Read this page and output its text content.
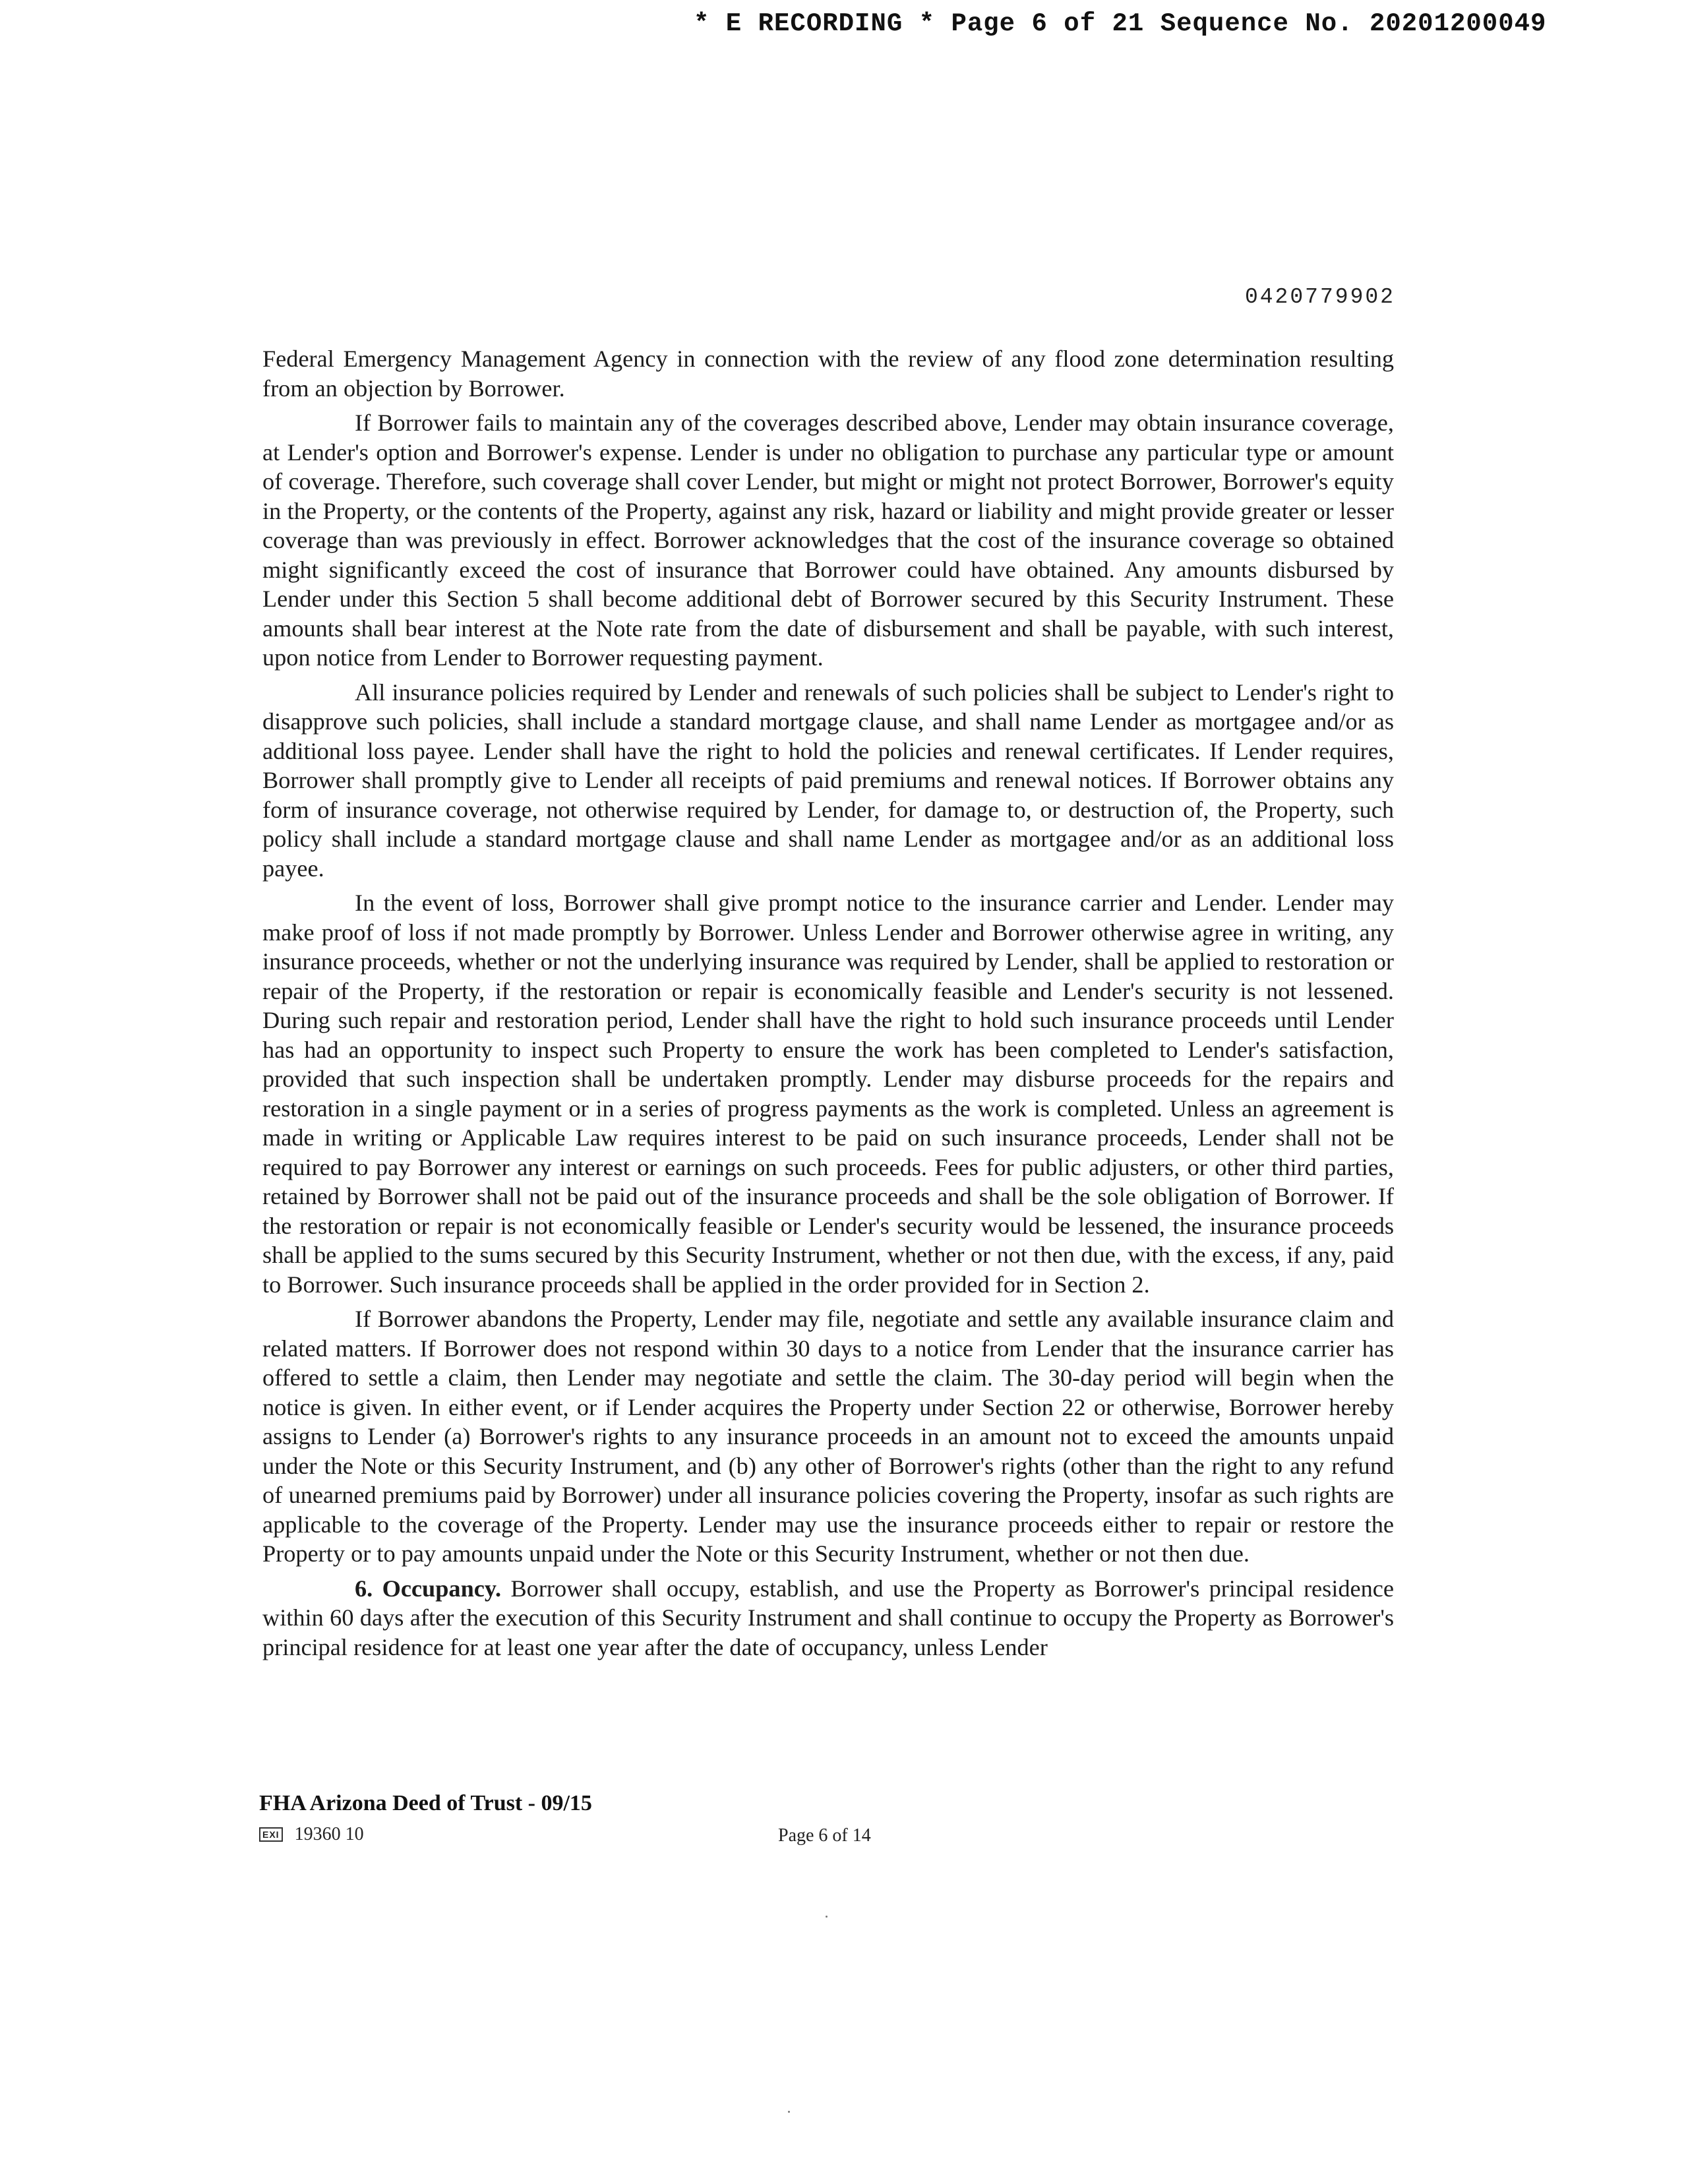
* E RECORDING * Page 6 of 21 Sequence No. 20201200049
0420779902

Federal Emergency Management Agency in connection with the review of any flood zone determination resulting from an objection by Borrower.

If Borrower fails to maintain any of the coverages described above, Lender may obtain insurance coverage, at Lender's option and Borrower's expense. Lender is under no obligation to purchase any particular type or amount of coverage. Therefore, such coverage shall cover Lender, but might or might not protect Borrower, Borrower's equity in the Property, or the contents of the Property, against any risk, hazard or liability and might provide greater or lesser coverage than was previously in effect. Borrower acknowledges that the cost of the insurance coverage so obtained might significantly exceed the cost of insurance that Borrower could have obtained. Any amounts disbursed by Lender under this Section 5 shall become additional debt of Borrower secured by this Security Instrument. These amounts shall bear interest at the Note rate from the date of disbursement and shall be payable, with such interest, upon notice from Lender to Borrower requesting payment.

All insurance policies required by Lender and renewals of such policies shall be subject to Lender's right to disapprove such policies, shall include a standard mortgage clause, and shall name Lender as mortgagee and/or as additional loss payee. Lender shall have the right to hold the policies and renewal certificates. If Lender requires, Borrower shall promptly give to Lender all receipts of paid premiums and renewal notices. If Borrower obtains any form of insurance coverage, not otherwise required by Lender, for damage to, or destruction of, the Property, such policy shall include a standard mortgage clause and shall name Lender as mortgagee and/or as an additional loss payee.

In the event of loss, Borrower shall give prompt notice to the insurance carrier and Lender. Lender may make proof of loss if not made promptly by Borrower. Unless Lender and Borrower otherwise agree in writing, any insurance proceeds, whether or not the underlying insurance was required by Lender, shall be applied to restoration or repair of the Property, if the restoration or repair is economically feasible and Lender's security is not lessened. During such repair and restoration period, Lender shall have the right to hold such insurance proceeds until Lender has had an opportunity to inspect such Property to ensure the work has been completed to Lender's satisfaction, provided that such inspection shall be undertaken promptly. Lender may disburse proceeds for the repairs and restoration in a single payment or in a series of progress payments as the work is completed. Unless an agreement is made in writing or Applicable Law requires interest to be paid on such insurance proceeds, Lender shall not be required to pay Borrower any interest or earnings on such proceeds. Fees for public adjusters, or other third parties, retained by Borrower shall not be paid out of the insurance proceeds and shall be the sole obligation of Borrower. If the restoration or repair is not economically feasible or Lender's security would be lessened, the insurance proceeds shall be applied to the sums secured by this Security Instrument, whether or not then due, with the excess, if any, paid to Borrower. Such insurance proceeds shall be applied in the order provided for in Section 2.

If Borrower abandons the Property, Lender may file, negotiate and settle any available insurance claim and related matters. If Borrower does not respond within 30 days to a notice from Lender that the insurance carrier has offered to settle a claim, then Lender may negotiate and settle the claim. The 30-day period will begin when the notice is given. In either event, or if Lender acquires the Property under Section 22 or otherwise, Borrower hereby assigns to Lender (a) Borrower's rights to any insurance proceeds in an amount not to exceed the amounts unpaid under the Note or this Security Instrument, and (b) any other of Borrower's rights (other than the right to any refund of unearned premiums paid by Borrower) under all insurance policies covering the Property, insofar as such rights are applicable to the coverage of the Property. Lender may use the insurance proceeds either to repair or restore the Property or to pay amounts unpaid under the Note or this Security Instrument, whether or not then due.

6. Occupancy. Borrower shall occupy, establish, and use the Property as Borrower's principal residence within 60 days after the execution of this Security Instrument and shall continue to occupy the Property as Borrower's principal residence for at least one year after the date of occupancy, unless Lender

FHA Arizona Deed of Trust - 09/15
EXI 19360 10	Page 6 of 14
